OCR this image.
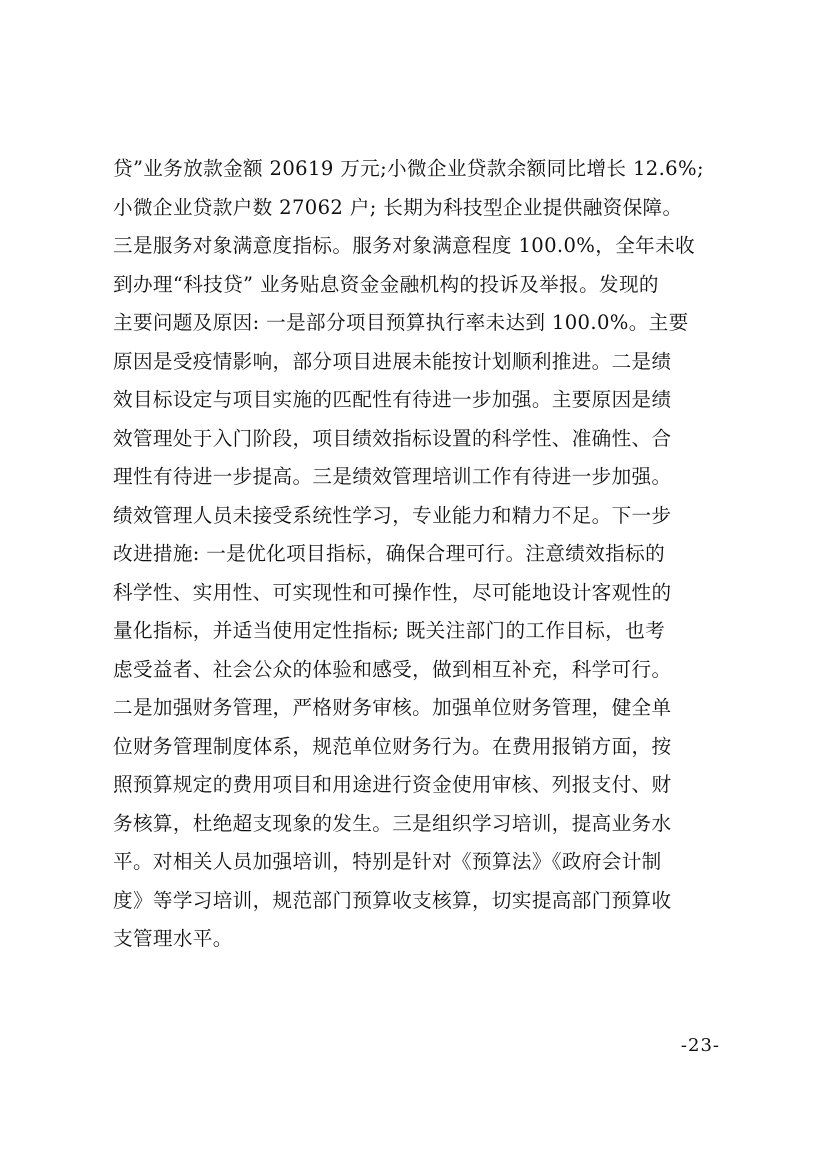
贷”业务放款金额 20619 万元;小微企业贷款余额同比增长 12.6%;
小微企业贷款户数 27062 户; 长期为科技型企业提供融资保障。
三是服务对象满意度指标。服务对象满意程度 100.0%，全年未收
到办理“科技贷” 业务贴息资金金融机构的投诉及举报。发现的
主要问题及原因: 一是部分项目预算执行率未达到 100.0%。主要
原因是受疫情影响，部分项目进展未能按计划顺利推进。二是绩
效目标设定与项目实施的匹配性有待进一步加强。主要原因是绩
效管理处于入门阶段，项目绩效指标设置的科学性、准确性、合
理性有待进一步提高。三是绩效管理培训工作有待进一步加强。
绩效管理人员未接受系统性学习，专业能力和精力不足。下一步
改进措施: 一是优化项目指标，确保合理可行。注意绩效指标的
科学性、实用性、可实现性和可操作性，尽可能地设计客观性的
量化指标，并适当使用定性指标; 既关注部门的工作目标，也考
虑受益者、社会公众的体验和感受，做到相互补充，科学可行。
二是加强财务管理，严格财务审核。加强单位财务管理，健全单
位财务管理制度体系，规范单位财务行为。在费用报销方面，按
照预算规定的费用项目和用途进行资金使用审核、列报支付、财
务核算，杜绝超支现象的发生。三是组织学习培训，提高业务水
平。对相关人员加强培训，特别是针对《预算法》《政府会计制
度》等学习培训，规范部门预算收支核算，切实提高部门预算收
支管理水平。
-23-
